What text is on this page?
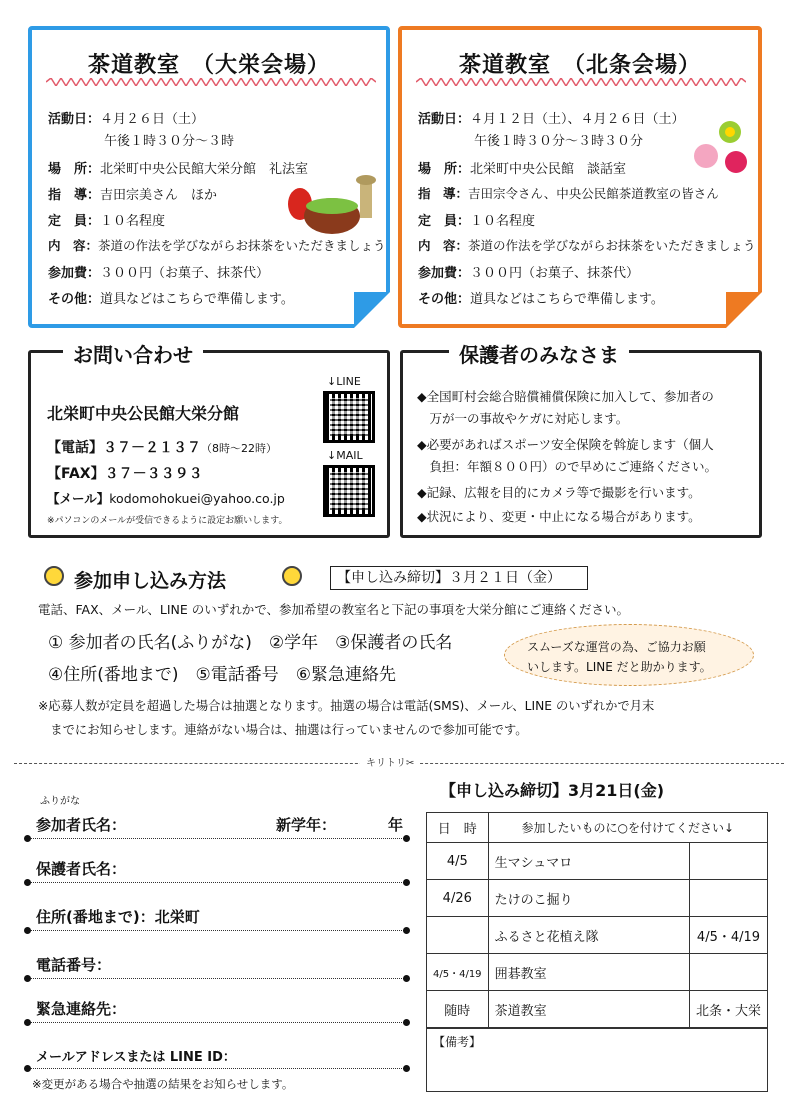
茶道教室　（大栄会場）
活動日：４月２６日（土）
午後１時３０分～３時
場　所：北栄町中央公民館大栄分館　礼法室
指　導：吉田宗美さん　ほか
定　員：１０名程度
内　容：茶道の作法を学びながらお抹茶をいただきましょう
参加費：３００円（お菓子、抹茶代）
その他：道具などはこちらで準備します。
茶道教室　（北条会場）
活動日：４月１２日（土）、４月２６日（土）
午後１時３０分～３時３０分
場　所：北栄町中央公民館　談話室
指　導：吉田宗令さん、中央公民館茶道教室の皆さん
定　員：１０名程度
内　容：茶道の作法を学びながらお抹茶をいただきましょう
参加費：３００円（お菓子、抹茶代）
その他：道具などはこちらで準備します。
お問い合わせ
北栄町中央公民館大栄分館
【電話】３７－２１３７（8時～22時）
【FAX】３７－３３９３
【メール】kodomohokuei@yahoo.co.jp
※パソコンのメールが受信できるように設定お願いします。
↓LINE
↓MAIL
保護者のみなさま
◆全国町村会総合賠償補償保険に加入して、参加者の
　万が一の事故やケガに対応します。
◆必要があればスポーツ安全保険を斡旋します（個人
　負担：年額８００円）ので早めにご連絡ください。
◆記録、広報を目的にカメラ等で撮影を行います。
◆状況により、変更・中止になる場合があります。
参加申し込み方法	【申し込み締切】３月２１日（金）
電話、FAX、メール、LINE のいずれかで、参加希望の教室名と下記の事項を大栄分館にご連絡ください。
① 参加者の氏名(ふりがな)　②学年　③保護者の氏名
④住所(番地まで)　⑤電話番号　⑥緊急連絡先
スムーズな運営の為、ご協力お願
いします。LINE だと助かります。
※応募人数が定員を超過した場合は抽選となります。抽選の場合は電話(SMS)、メール、LINE のいずれかで月末
　までにお知らせします。連絡がない場合は、抽選は行っていませんので参加可能です。
キリトリ✂
ふりがな
参加者氏名：	新学年：	年
保護者氏名：
住所(番地まで)：北栄町
電話番号：
緊急連絡先：
メールアドレスまたは LINE ID：
※変更がある場合や抽選の結果をお知らせします。
【申し込み締切】3月21日(金)
日　時	参加したいものに○を付けてください↓	
4/5	生マシュマロ	
4/26	たけのこ掘り	
	ふるさと花植え隊	4/5・4/19
4/5・4/19	囲碁教室	
随時	茶道教室	北条・大栄
【備考】
